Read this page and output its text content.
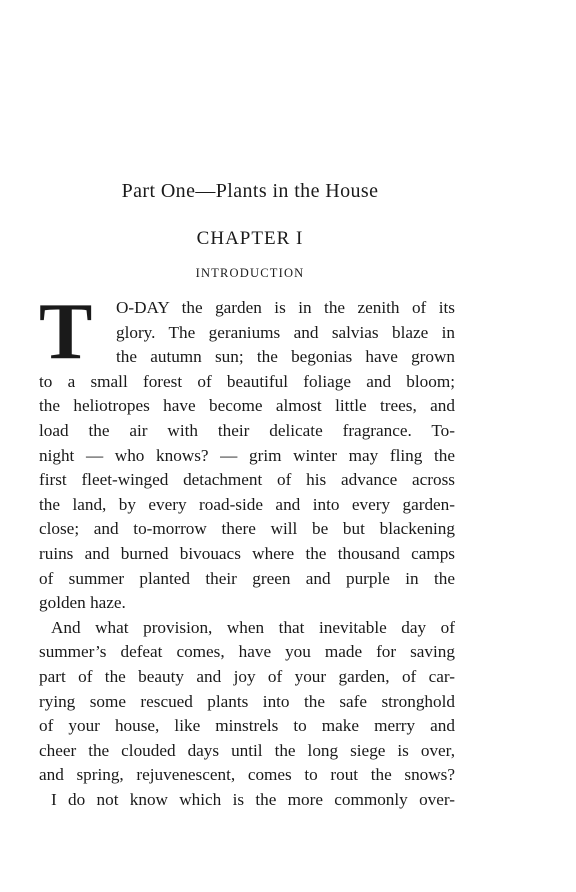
Part One—Plants in the House
CHAPTER I
INTRODUCTION
T O-DAY the garden is in the zenith of its
glory. The geraniums and salvias blaze in
the autumn sun; the begonias have grown
to a small forest of beautiful foliage and bloom;
the heliotropes have become almost little trees, and
load the air with their delicate fragrance. To-
night — who knows? — grim winter may fling the
first fleet-winged detachment of his advance across
the land, by every road-side and into every garden-
close; and to-morrow there will be but blackening
ruins and burned bivouacs where the thousand camps
of summer planted their green and purple in the
golden haze.
And what provision, when that inevitable day of
summer’s defeat comes, have you made for saving
part of the beauty and joy of your garden, of car-
rying some rescued plants into the safe stronghold
of your house, like minstrels to make merry and
cheer the clouded days until the long siege is over,
and spring, rejuvenescent, comes to rout the snows?
I do not know which is the more commonly over-
